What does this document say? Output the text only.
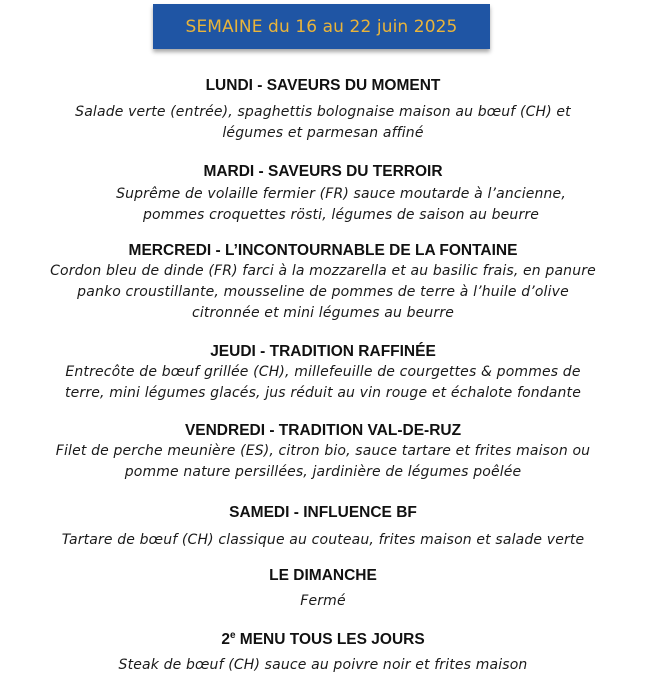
SEMAINE du 16 au 22 juin 2025
LUNDI - SAVEURS DU MOMENT
Salade verte (entrée), spaghettis bolognaise maison au bœuf (CH) et
légumes et parmesan affiné
MARDI - SAVEURS DU TERROIR
Suprême de volaille fermier (FR) sauce moutarde à l’ancienne,
pommes croquettes rösti, légumes de saison au beurre
MERCREDI - L’INCONTOURNABLE DE LA FONTAINE
Cordon bleu de dinde (FR) farci à la mozzarella et au basilic frais, en panure
panko croustillante, mousseline de pommes de terre à l’huile d’olive
citronnée et mini légumes au beurre
JEUDI - TRADITION RAFFINÉE
Entrecôte de bœuf grillée (CH), millefeuille de courgettes & pommes de
terre, mini légumes glacés, jus réduit au vin rouge et échalote fondante
VENDREDI - TRADITION VAL-DE-RUZ
Filet de perche meunière (ES), citron bio, sauce tartare et frites maison ou
pomme nature persillées, jardinière de légumes poêlée
SAMEDI - INFLUENCE BF
Tartare de bœuf (CH) classique au couteau, frites maison et salade verte
LE DIMANCHE
Fermé
2e MENU TOUS LES JOURS
Steak de bœuf (CH) sauce au poivre noir et frites maison
